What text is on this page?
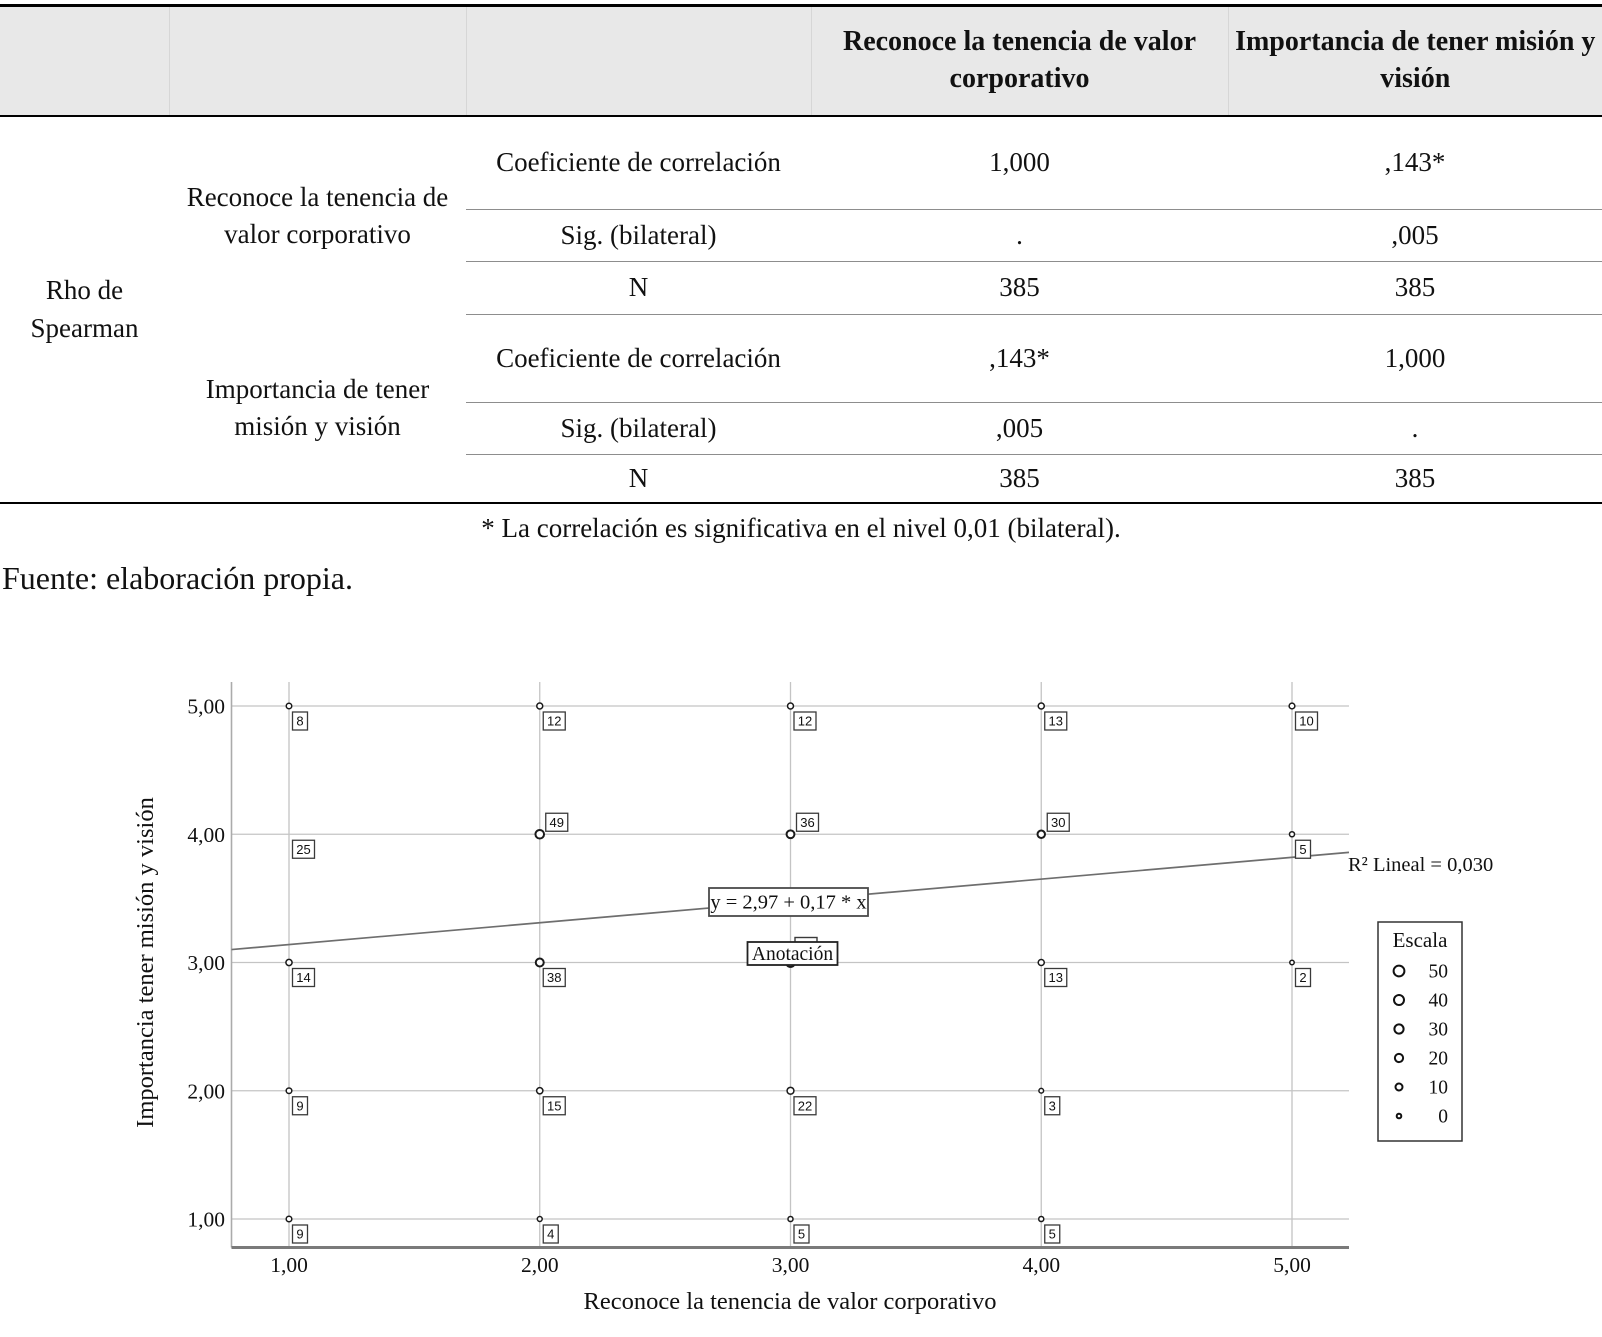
			Reconoce la tenencia de valor corporativo	Importancia de tener misión y visión
Rho de Spearman	Reconoce la tenencia de valor corporativo	Coeficiente de correlación	1,000	,143*
		Sig. (bilateral)	.	,005
		N	385	385
	Importancia de tener misión y visión	Coeficiente de correlación	,143*	1,000
		Sig. (bilateral)	,005	.
		N	385	385
* La correlación es significativa en el nivel 0,01 (bilateral).
Fuente: elaboración propia.
Anotación
8	12	12	13	10
25
49	36	30
5
14	38	13	2
9	15	22	3
9	4	5	5
y = 2,97 + 0,17 * x
R² Lineal = 0,030
Escala
50
40
30
20
10
0
5,00
4,00
3,00
2,00
1,00
1,00	2,00	3,00	4,00	5,00
Reconoce la tenencia de valor corporativo
Importancia tener misión y visión
